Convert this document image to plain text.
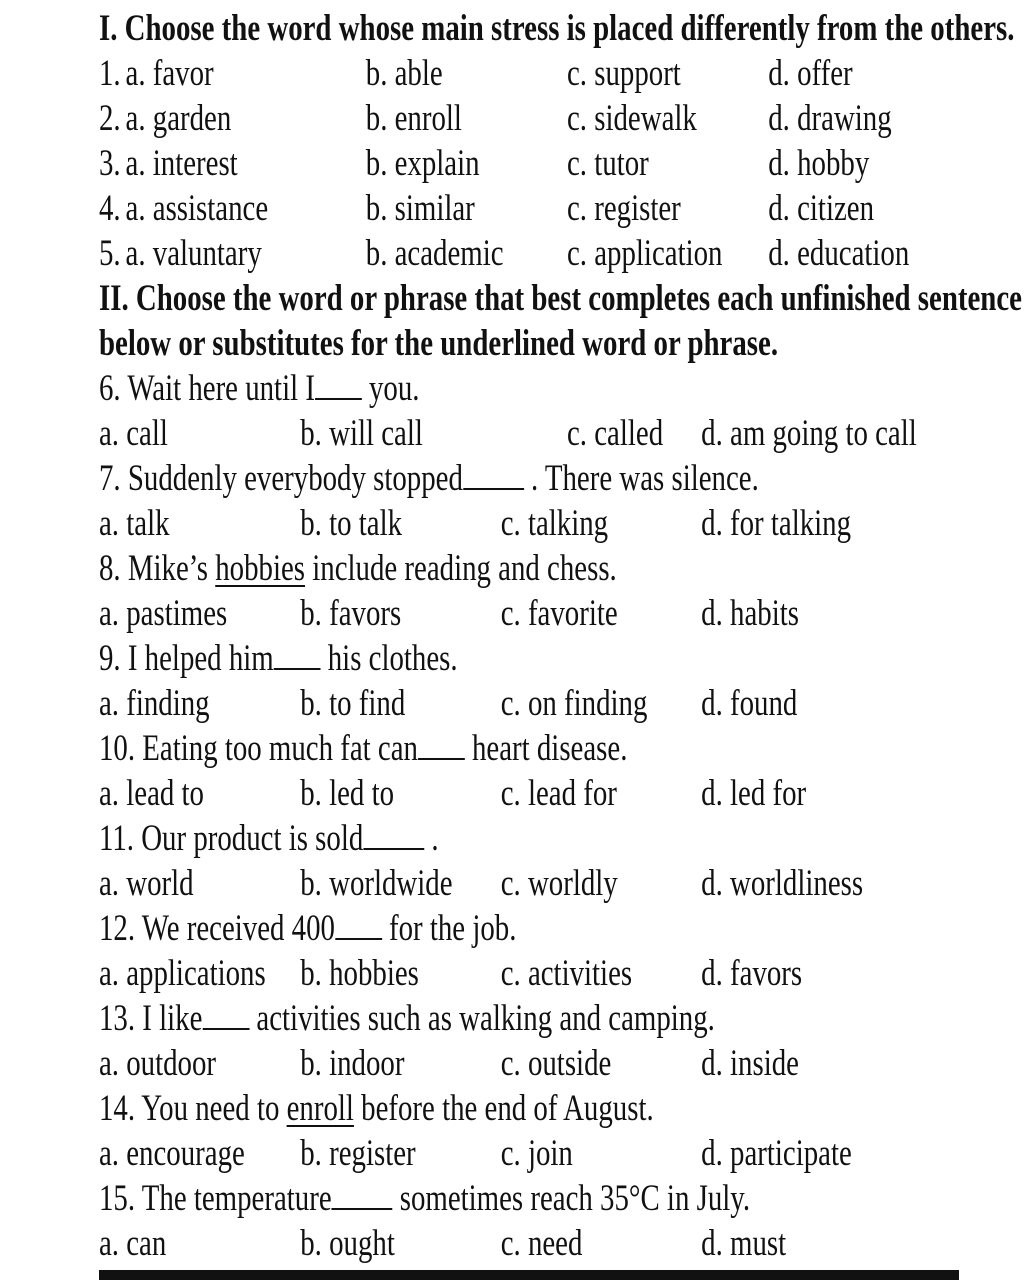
I. Choose the word whose main stress is placed differently from the others.
1. a. favor	b. able	c. support d. offer
2. a. garden	b. enroll	c. sidewalk d. drawing
3. a. interest	b. explain c. tutor	d. hobby
4. a. assistance	b. similar c. register d. citizen
5. a. valuntary	b. academic c. application d. education
II. Choose the word or phrase that best completes each unfinished sentence
below or substitutes for the underlined word or phrase.
6. Wait here until I you.
a. call	b. will call	c. called d. am going to call
7. Suddenly everybody stopped . There was silence.
a. talk	b. to talk	c. talking	d. for talking
8. Mike’s hobbies include reading and chess.
a. pastimes b. favors	c. favorite d. habits
9. I helped him his clothes.
a. finding b. to find	c. on finding d. found
10. Eating too much fat can heart disease.
a. lead to	b. led to	c. lead for d. led for
11. Our product is sold .
a. world	b. worldwide c. worldly d. worldliness
12. We received 400 for the job.
a. applications b. hobbies c. activities d. favors
13. I like activities such as walking and camping.
a. outdoor b. indoor	c. outside d. inside
14. You need to enroll before the end of August.
a. encourage b. register c. join	d. participate
15. The temperature sometimes reach 35°C in July.
a. can	b. ought	c. need	d. must
